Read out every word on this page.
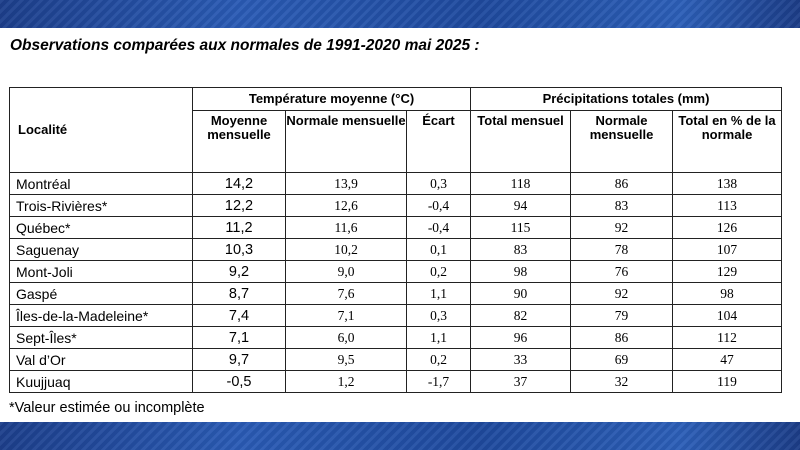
Observations comparées aux normales de 1991-2020 mai 2025 :
Localité	Température moyenne (°C)			Précipitations totales (mm)		
	Moyenne mensuelle	Normale mensuelle	Écart	Total mensuel	Normale mensuelle	Total en % de la normale
Montréal	14,2	13,9	0,3	118	86	138
Trois-Rivières*	12,2	12,6	-0,4	94	83	113
Québec*	11,2	11,6	-0,4	115	92	126
Saguenay	10,3	10,2	0,1	83	78	107
Mont-Joli	9,2	9,0	0,2	98	76	129
Gaspé	8,7	7,6	1,1	90	92	98
Îles-de-la-Madeleine*	7,4	7,1	0,3	82	79	104
Sept-Îles*	7,1	6,0	1,1	96	86	112
Val d’Or	9,7	9,5	0,2	33	69	47
Kuujjuaq	-0,5	1,2	-1,7	37	32	119

*Valeur estimée ou incomplète
